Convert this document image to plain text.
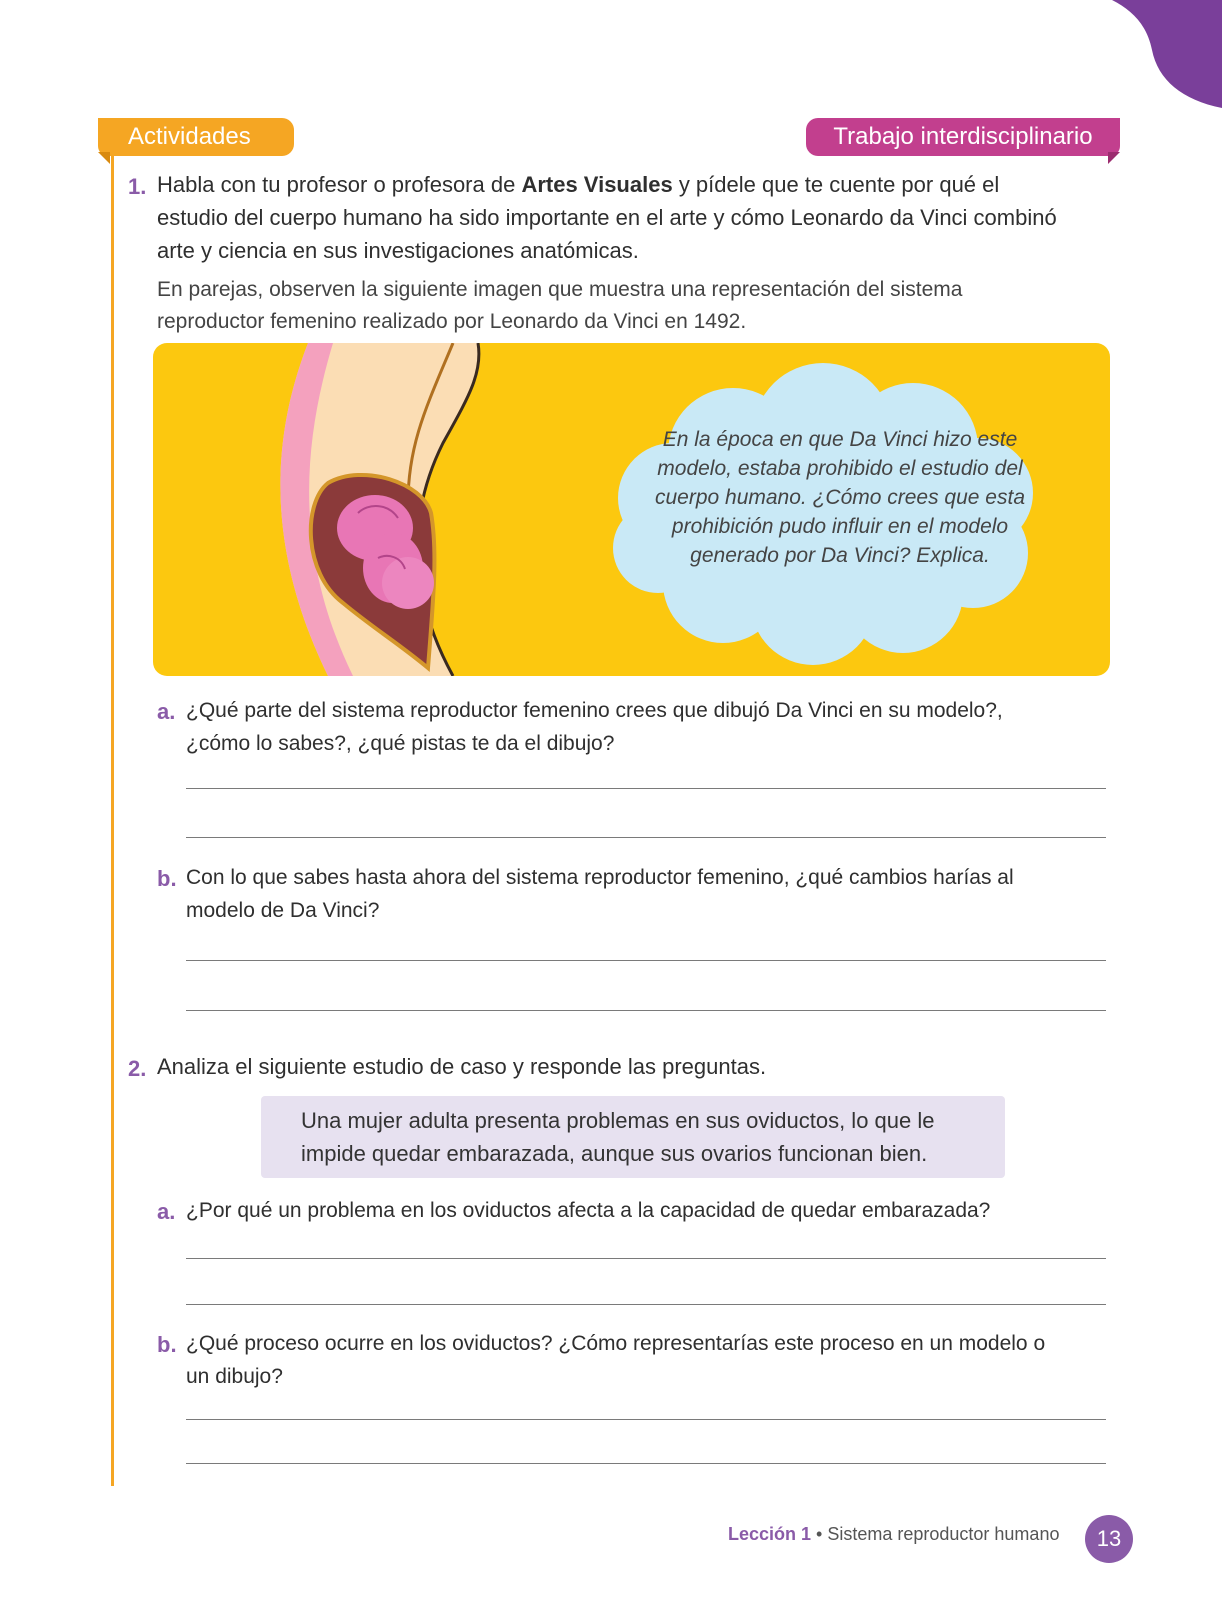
Actividades	Trabajo interdisciplinario
1. Habla con tu profesor o profesora de Artes Visuales y pídele que te cuente por qué el estudio del cuerpo humano ha sido importante en el arte y cómo Leonardo da Vinci combinó arte y ciencia en sus investigaciones anatómicas.
En parejas, observen la siguiente imagen que muestra una representación del sistema reproductor femenino realizado por Leonardo da Vinci en 1492.
En la época en que Da Vinci hizo este modelo, estaba prohibido el estudio del cuerpo humano. ¿Cómo crees que esta prohibición pudo influir en el modelo generado por Da Vinci? Explica.
a. ¿Qué parte del sistema reproductor femenino crees que dibujó Da Vinci en su modelo?, ¿cómo lo sabes?, ¿qué pistas te da el dibujo?
b. Con lo que sabes hasta ahora del sistema reproductor femenino, ¿qué cambios harías al modelo de Da Vinci?
2. Analiza el siguiente estudio de caso y responde las preguntas.
Una mujer adulta presenta problemas en sus oviductos, lo que le impide quedar embarazada, aunque sus ovarios funcionan bien.
a. ¿Por qué un problema en los oviductos afecta a la capacidad de quedar embarazada?
b. ¿Qué proceso ocurre en los oviductos? ¿Cómo representarías este proceso en un modelo o un dibujo?
Lección 1 • Sistema reproductor humano	13
